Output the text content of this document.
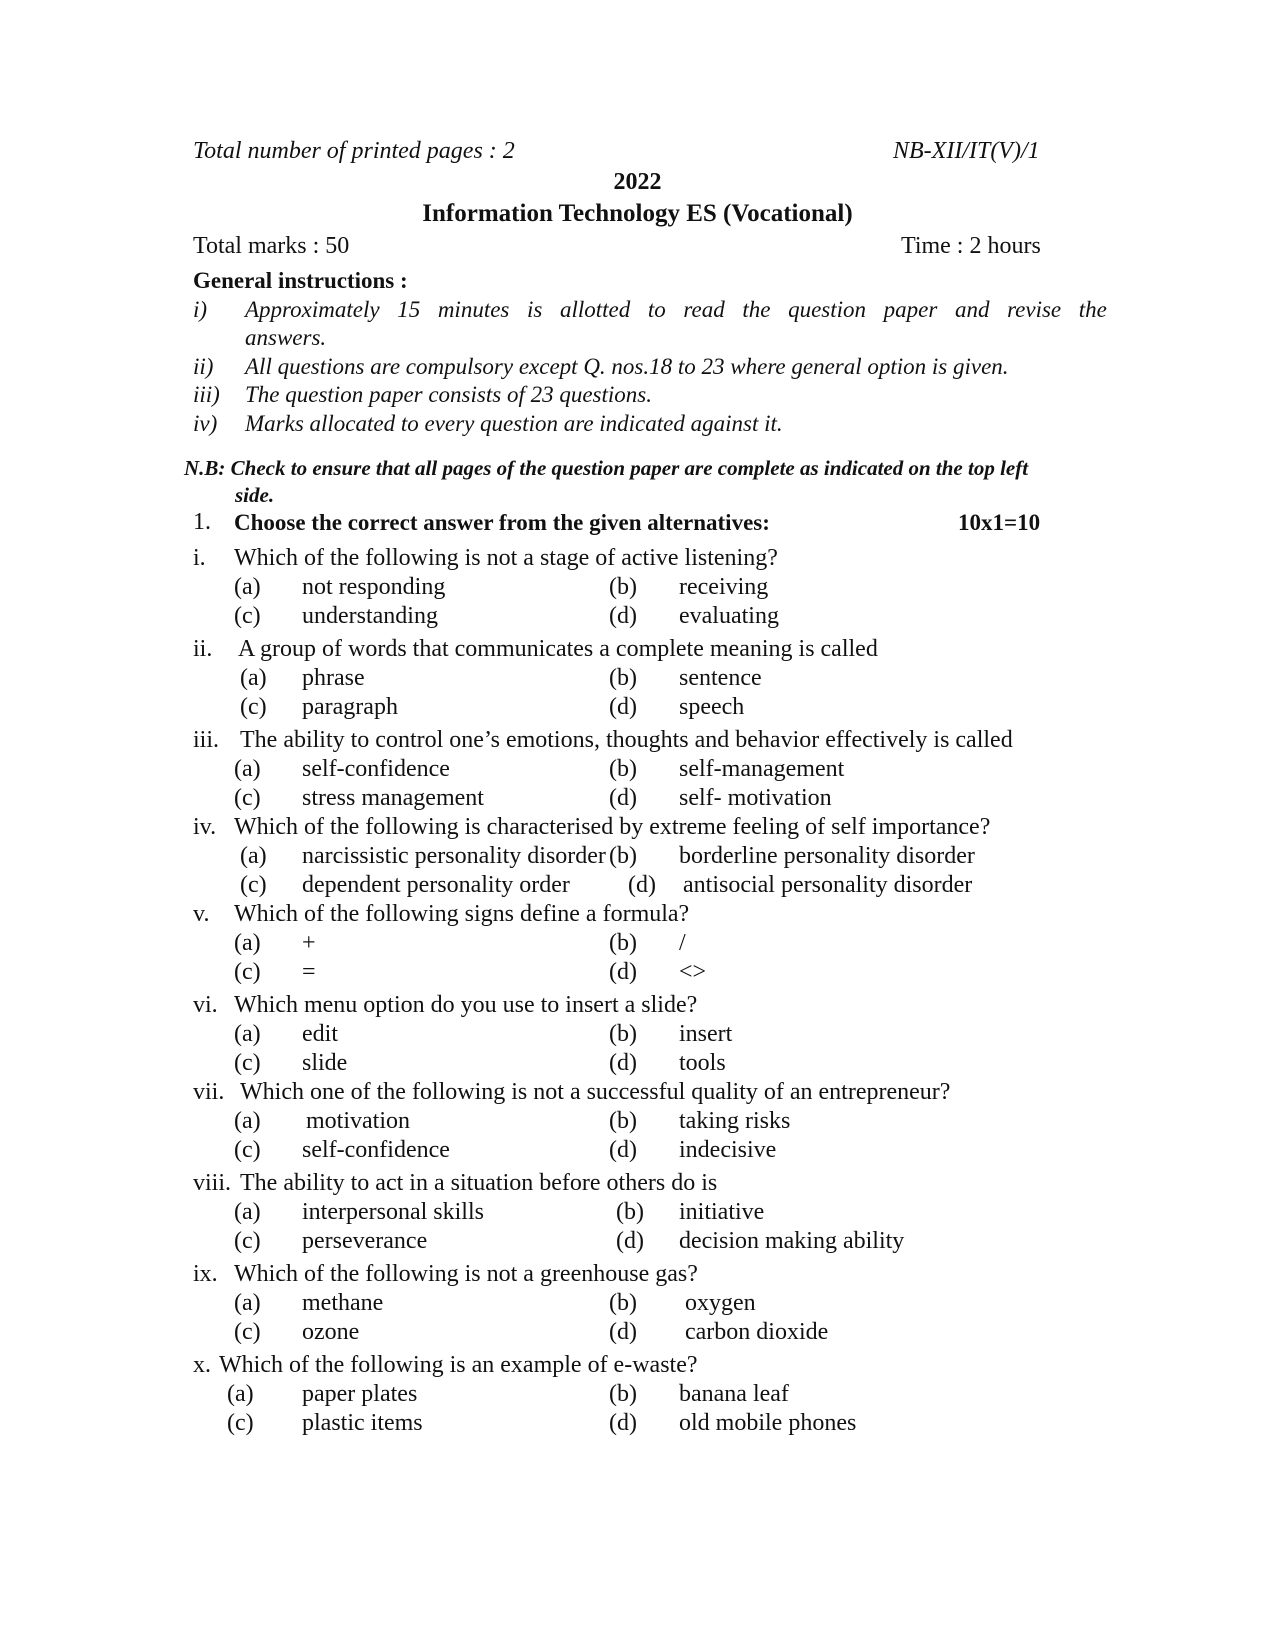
Total number of printed pages : 2	NB-XII/IT(V)/1
2022
Information Technology ES (Vocational)
Total marks : 50	Time : 2 hours
General instructions :
i) Approximately 15 minutes is allotted to read the question paper and revise the
answers.
ii) All questions are compulsory except Q. nos.18 to 23 where general option is given.
iii) The question paper consists of 23 questions.
iv) Marks allocated to every question are indicated against it.
N.B: Check to ensure that all pages of the question paper are complete as indicated on the top left
side.
1. Choose the correct answer from the given alternatives:	10x1=10
i. Which of the following is not a stage of active listening?
(a) not responding	(b) receiving
(c) understanding	(d) evaluating
ii. A group of words that communicates a complete meaning is called
(a) phrase	(b) sentence
(c) paragraph	(d) speech
iii. The ability to control one’s emotions, thoughts and behavior effectively is called
(a) self-confidence	(b) self-management
(c) stress management	(d) self- motivation
iv. Which of the following is characterised by extreme feeling of self importance?
(a) narcissistic personality disorder (b) borderline personality disorder
(c) dependent personality order (d) antisocial personality disorder
v. Which of the following signs define a formula?
(a) +	(b) /
(c) =	(d) <>
vi. Which menu option do you use to insert a slide?
(a) edit	(b) insert
(c) slide	(d) tools
vii. Which one of the following is not a successful quality of an entrepreneur?
(a) motivation	(b) taking risks
(c) self-confidence	(d) indecisive
viii. The ability to act in a situation before others do is
(a) interpersonal skills	(b) initiative
(c) perseverance	(d) decision making ability
ix. Which of the following is not a greenhouse gas?
(a) methane	(b) oxygen
(c) ozone	(d) carbon dioxide
x. Which of the following is an example of e-waste?
(a) paper plates	(b) banana leaf
(c) plastic items	(d) old mobile phones
